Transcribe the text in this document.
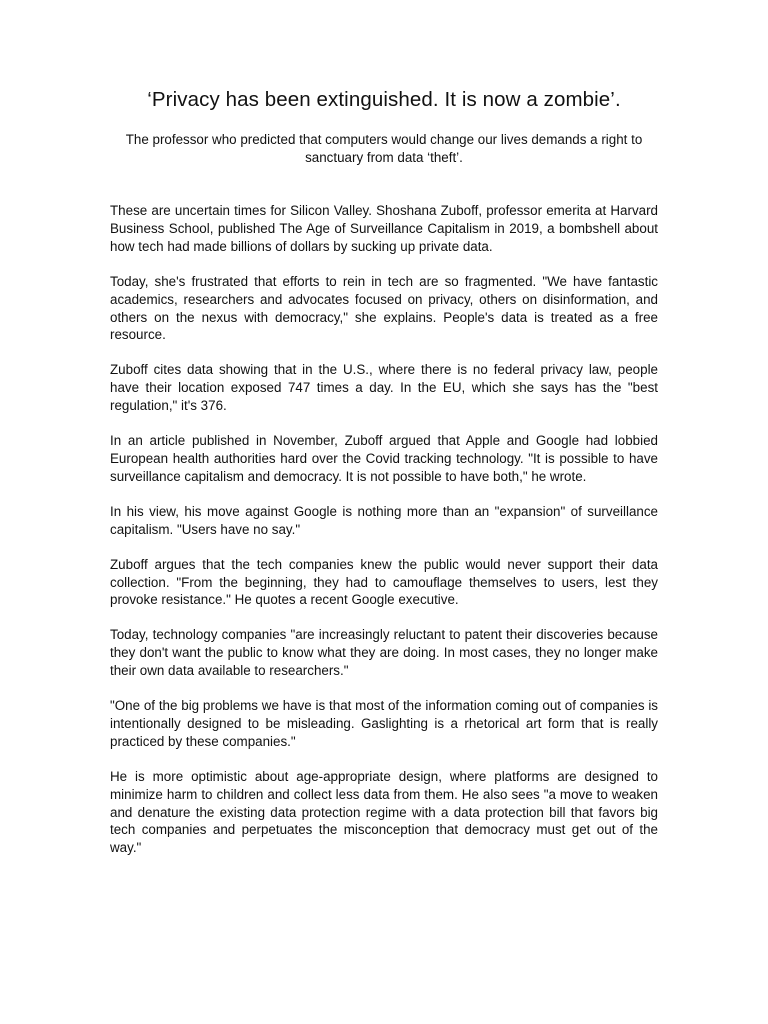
‘Privacy has been extinguished. It is now a zombie’.

The professor who predicted that computers would change our lives demands a right to sanctuary from data ‘theft’.

These are uncertain times for Silicon Valley. Shoshana Zuboff, professor emerita at Harvard Business School, published The Age of Surveillance Capitalism in 2019, a bombshell about how tech had made billions of dollars by sucking up private data.

Today, she's frustrated that efforts to rein in tech are so fragmented. "We have fantastic academics, researchers and advocates focused on privacy, others on disinformation, and others on the nexus with democracy," she explains. People's data is treated as a free resource.

Zuboff cites data showing that in the U.S., where there is no federal privacy law, people have their location exposed 747 times a day. In the EU, which she says has the "best regulation," it's 376.

In an article published in November, Zuboff argued that Apple and Google had lobbied European health authorities hard over the Covid tracking technology. "It is possible to have surveillance capitalism and democracy. It is not possible to have both," he wrote.

In his view, his move against Google is nothing more than an "expansion" of surveillance capitalism. "Users have no say."

Zuboff argues that the tech companies knew the public would never support their data collection. "From the beginning, they had to camouflage themselves to users, lest they provoke resistance." He quotes a recent Google executive.

Today, technology companies "are increasingly reluctant to patent their discoveries because they don't want the public to know what they are doing. In most cases, they no longer make their own data available to researchers."

"One of the big problems we have is that most of the information coming out of companies is intentionally designed to be misleading. Gaslighting is a rhetorical art form that is really practiced by these companies."

He is more optimistic about age-appropriate design, where platforms are designed to minimize harm to children and collect less data from them. He also sees "a move to weaken and denature the existing data protection regime with a data protection bill that favors big tech companies and perpetuates the misconception that democracy must get out of the way."
